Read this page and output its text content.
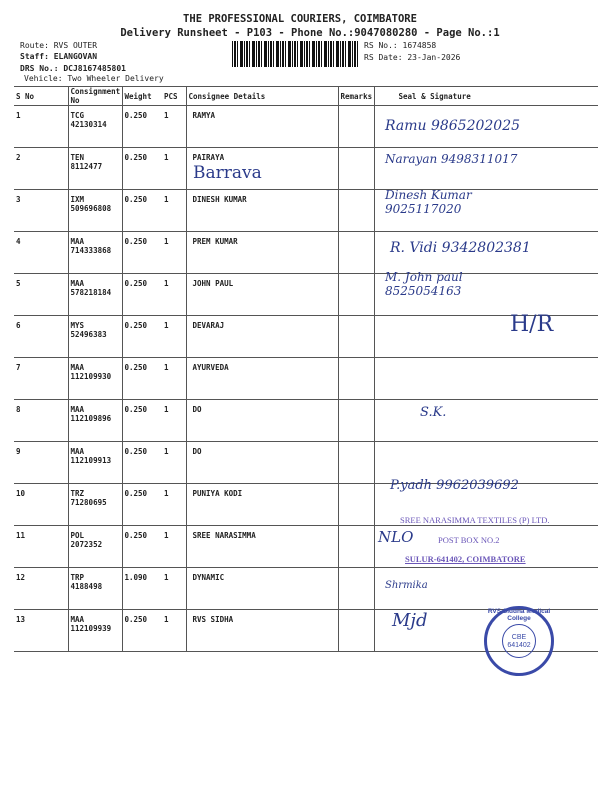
THE PROFESSIONAL COURIERS, COIMBATORE
Delivery Runsheet - P103 - Phone No.:9047080280 - Page No.:1
Route: RVS OUTER
Staff: ELANGOVAN
DRS No.: DCJ8167485801
Vehicle: Two Wheeler Delivery
RS No.: 1674858
RS Date: 23-Jan-2026
S No	Consignment No	Weight	PCS	Consignee Details	Remarks	Seal & Signature
1	TCG 42130314	0.250	1	RAMYA		
2	TEN 8112477	0.250	1	PAIRAYA		
3	IXM 509696808	0.250	1	DINESH KUMAR		
4	MAA 714333868	0.250	1	PREM KUMAR		
5	MAA 578218184	0.250	1	JOHN PAUL		
6	MYS 52496383	0.250	1	DEVARAJ		
7	MAA 112109930	0.250	1	AYURVEDA		
8	MAA 112109896	0.250	1	DO		
9	MAA 112109913	0.250	1	DO		
10	TRZ 71280695	0.250	1	PUNIYA KODI		
11	POL 2072352	0.250	1	SREE NARASIMMA		
12	TRP 4188498	1.090	1	DYNAMIC		
13	MAA 112109939	0.250	1	RVS SIDHA		
Ramu 9865202025
Barrava
Narayan 9498311017
Dinesh Kumar 9025117020
R. Vidi 9342802381
M. John paul 8525054163
H/R
S.K.
P.yadh 9962039692
NLO
Shrmika
Mjd
SREE NARASIMMA TEXTILES (P) LTD.
POST BOX NO.2
SULUR-641402, COIMBATORE
RVS Siddha Medical College
CBE
641402
